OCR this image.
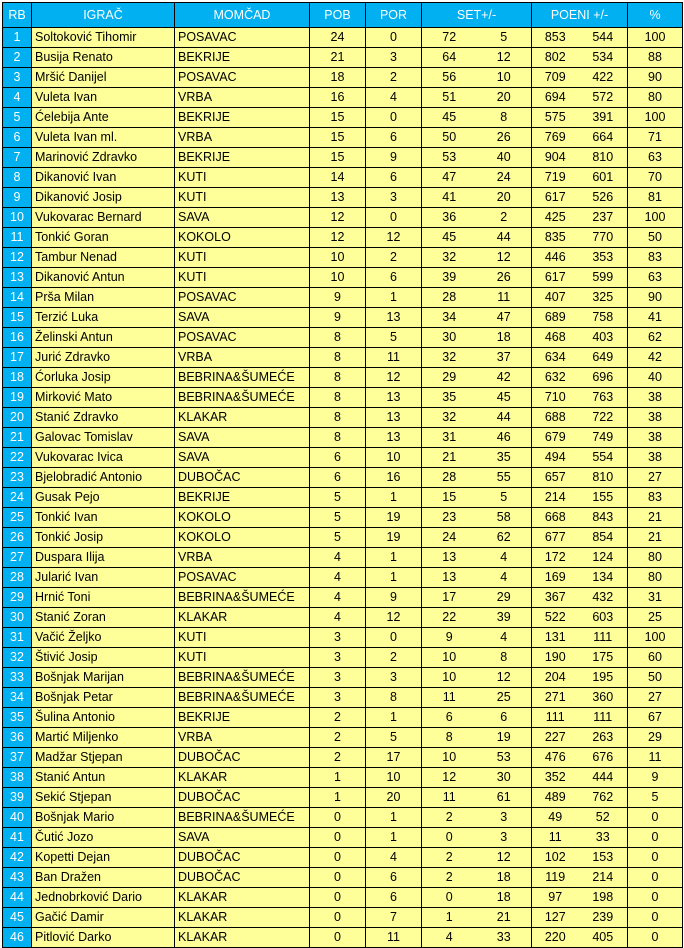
RB	IGRAČ	MOMČAD	POB	POR	SET+/-		POENI +/-		%
1	Soltoković Tihomir	POSAVAC	24	0	72	5	853	544	100
2	Busija Renato	BEKRIJE	21	3	64	12	802	534	88
3	Mršić Danijel	POSAVAC	18	2	56	10	709	422	90
4	Vuleta Ivan	VRBA	16	4	51	20	694	572	80
5	Ćelebija Ante	BEKRIJE	15	0	45	8	575	391	100
6	Vuleta Ivan ml.	VRBA	15	6	50	26	769	664	71
7	Marinović Zdravko	BEKRIJE	15	9	53	40	904	810	63
8	Dikanović Ivan	KUTI	14	6	47	24	719	601	70
9	Dikanović Josip	KUTI	13	3	41	20	617	526	81
10	Vukovarac Bernard	SAVA	12	0	36	2	425	237	100
11	Tonkić Goran	KOKOLO	12	12	45	44	835	770	50
12	Tambur Nenad	KUTI	10	2	32	12	446	353	83
13	Dikanović Antun	KUTI	10	6	39	26	617	599	63
14	Prša Milan	POSAVAC	9	1	28	11	407	325	90
15	Terzić Luka	SAVA	9	13	34	47	689	758	41
16	Želinski Antun	POSAVAC	8	5	30	18	468	403	62
17	Jurić Zdravko	VRBA	8	11	32	37	634	649	42
18	Ćorluka Josip	BEBRINA&ŠUMEĆE	8	12	29	42	632	696	40
19	Mirković Mato	BEBRINA&ŠUMEĆE	8	13	35	45	710	763	38
20	Stanić Zdravko	KLAKAR	8	13	32	44	688	722	38
21	Galovac Tomislav	SAVA	8	13	31	46	679	749	38
22	Vukovarac Ivica	SAVA	6	10	21	35	494	554	38
23	Bjelobradić Antonio	DUBOČAC	6	16	28	55	657	810	27
24	Gusak Pejo	BEKRIJE	5	1	15	5	214	155	83
25	Tonkić Ivan	KOKOLO	5	19	23	58	668	843	21
26	Tonkić Josip	KOKOLO	5	19	24	62	677	854	21
27	Duspara Ilija	VRBA	4	1	13	4	172	124	80
28	Jularić Ivan	POSAVAC	4	1	13	4	169	134	80
29	Hrnić Toni	BEBRINA&ŠUMEĆE	4	9	17	29	367	432	31
30	Stanić Zoran	KLAKAR	4	12	22	39	522	603	25
31	Vačić Željko	KUTI	3	0	9	4	131	111	100
32	Štivić Josip	KUTI	3	2	10	8	190	175	60
33	Bošnjak Marijan	BEBRINA&ŠUMEĆE	3	3	10	12	204	195	50
34	Bošnjak Petar	BEBRINA&ŠUMEĆE	3	8	11	25	271	360	27
35	Šulina Antonio	BEKRIJE	2	1	6	6	111	111	67
36	Martić Miljenko	VRBA	2	5	8	19	227	263	29
37	Madžar Stjepan	DUBOČAC	2	17	10	53	476	676	11
38	Stanić Antun	KLAKAR	1	10	12	30	352	444	9
39	Sekić Stjepan	DUBOČAC	1	20	11	61	489	762	5
40	Bošnjak Mario	BEBRINA&ŠUMEĆE	0	1	2	3	49	52	0
41	Čutić Jozo	SAVA	0	1	0	3	11	33	0
42	Kopetti Dejan	DUBOČAC	0	4	2	12	102	153	0
43	Ban Dražen	DUBOČAC	0	6	2	18	119	214	0
44	Jednobrković Dario	KLAKAR	0	6	0	18	97	198	0
45	Gačić Damir	KLAKAR	0	7	1	21	127	239	0
46	Pitlović Darko	KLAKAR	0	11	4	33	220	405	0
